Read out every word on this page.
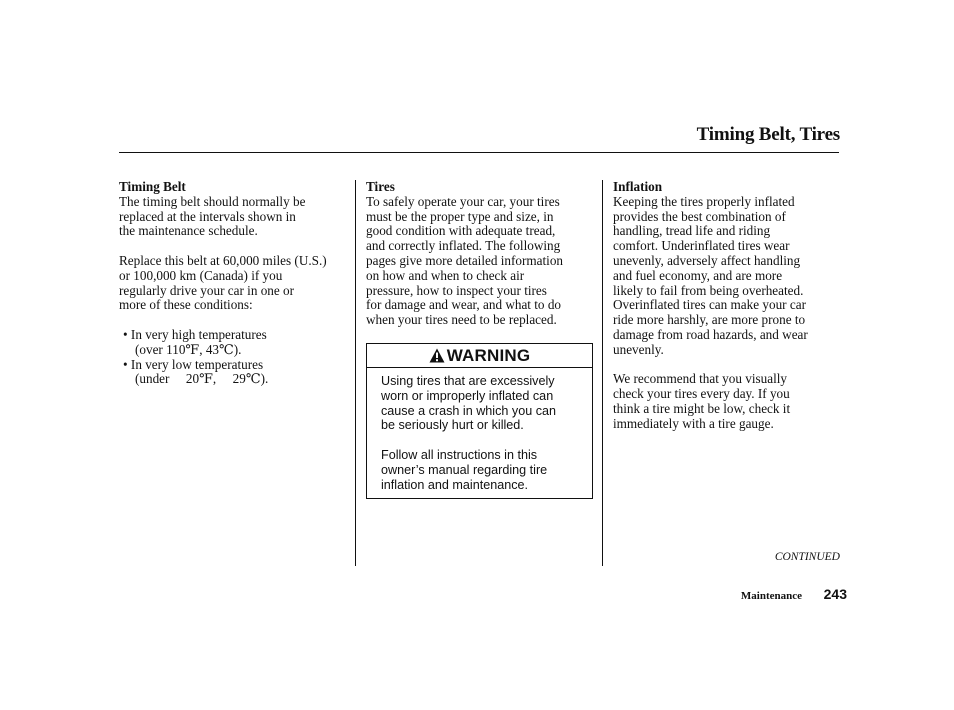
Timing Belt, Tires
Timing Belt
The timing belt should normally be
replaced at the intervals shown in
the maintenance schedule.
Replace this belt at 60,000 miles (U.S.)
or 100,000 km (Canada) if you
regularly drive your car in one or
more of these conditions:
• In very high temperatures
(over 110℉, 43℃).
• In very low temperatures
(under     20℉,     29℃).
Tires
To safely operate your car, your tires
must be the proper type and size, in
good condition with adequate tread,
and correctly inflated. The following
pages give more detailed information
on how and when to check air
pressure, how to inspect your tires
for damage and wear, and what to do
when your tires need to be replaced.
WARNING
Using tires that are excessively
worn or improperly inflated can
cause a crash in which you can
be seriously hurt or killed.
Follow all instructions in this
owner’s manual regarding tire
inflation and maintenance.
Inflation
Keeping the tires properly inflated
provides the best combination of
handling, tread life and riding
comfort. Underinflated tires wear
unevenly, adversely affect handling
and fuel economy, and are more
likely to fail from being overheated.
Overinflated tires can make your car
ride more harshly, are more prone to
damage from road hazards, and wear
unevenly.
We recommend that you visually
check your tires every day. If you
think a tire might be low, check it
immediately with a tire gauge.
CONTINUED
Maintenance 243
